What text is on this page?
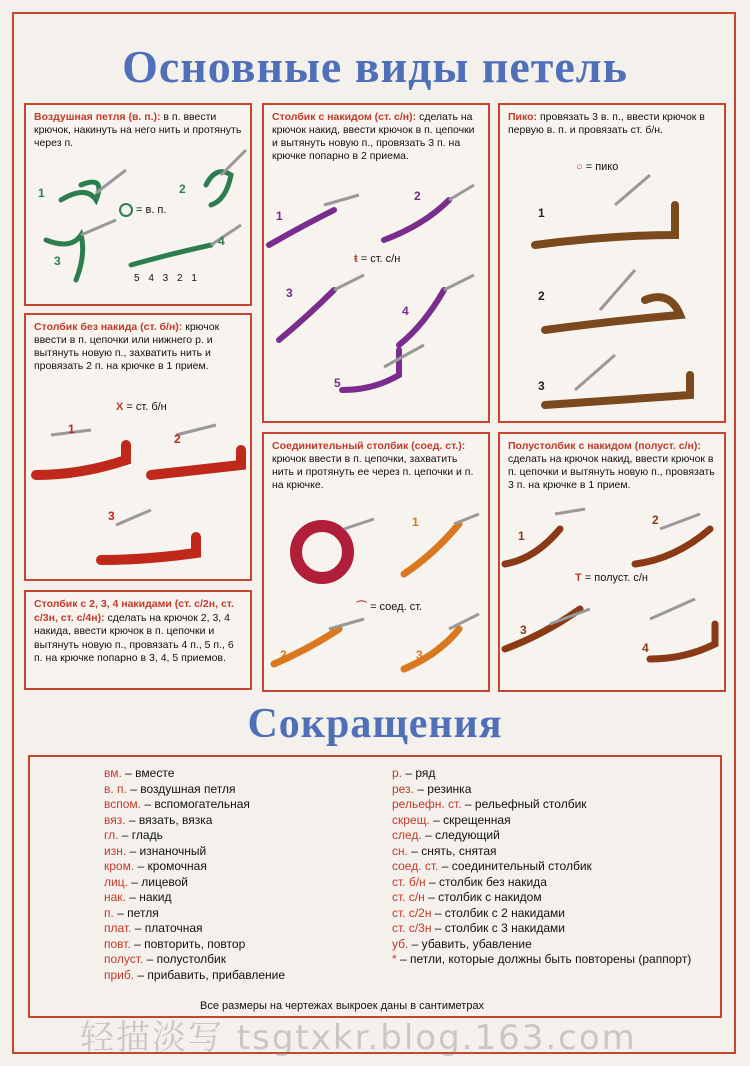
Основные виды петель
Воздушная петля (в. п.): в п. ввести крючок, накинуть на него нить и протянуть через п.
1	2
3
4
= в. п.
5 4 3 2 1
Столбик с накидом (ст. с/н): сделать на крючок накид, ввести крючок в п. цепочки и вытянуть новую п., провязать 3 п. на крючке попарно в 2 приема.
1
2
3
4
5
ŧ = ст. с/н
Пико: провязать 3 в. п., ввести крючок в первую в. п. и провязать ст. б/н.
1
2
3
○ = пико
Столбик без накида (ст. б/н): крючок ввести в п. цепочки или нижнего р. и вытянуть новую п., захватить нить и провязать 2 п. на крючке в 1 прием.
1
2
3
X = ст. б/н
Соединительный столбик (соед. ст.): крючок ввести в п. цепочки, захватить нить и протянуть ее через п. цепочки и п. на крючке.
1
2	3
⌒ = соед. ст.
Полустолбик с накидом (полуст. с/н): сделать на крючок накид, ввести крючок в п. цепочки и вытянуть новую п., провязать 3 п. на крючке в 1 прием.
1
2
3
4
T = полуст. с/н
Столбик с 2, 3, 4 накидами (ст. с/2н, ст. с/3н, ст. с/4н): сделать на крючок 2, 3, 4 накида, ввести крючок в п. цепочки и вытянуть новую п., провязать 4 п., 5 п., 6 п. на крючке попарно в 3, 4, 5 приемов.
Сокращения
вм. – вместе
в. п. – воздушная петля
вспом. – вспомогательная
вяз. – вязать, вязка
гл. – гладь
изн. – изнаночный
кром. – кромочная
лиц. – лицевой
нак. – накид
п. – петля
плат. – платочная
повт. – повторить, повтор
полуст. – полустолбик
приб. – прибавить, прибавление
р. – ряд
рез. – резинка
рельефн. ст. – рельефный столбик
скрещ. – скрещенная
след. – следующий
сн. – снять, снятая
соед. ст. – соединительный столбик
ст. б/н – столбик без накида
ст. с/н – столбик с накидом
ст. с/2н – столбик с 2 накидами
ст. с/3н – столбик с 3 накидами
уб. – убавить, убавление
* – петли, которые должны быть повторены (раппорт)
Все размеры на чертежах выкроек даны в сантиметрах
轻描淡写 tsgtxkr.blog.163.com
